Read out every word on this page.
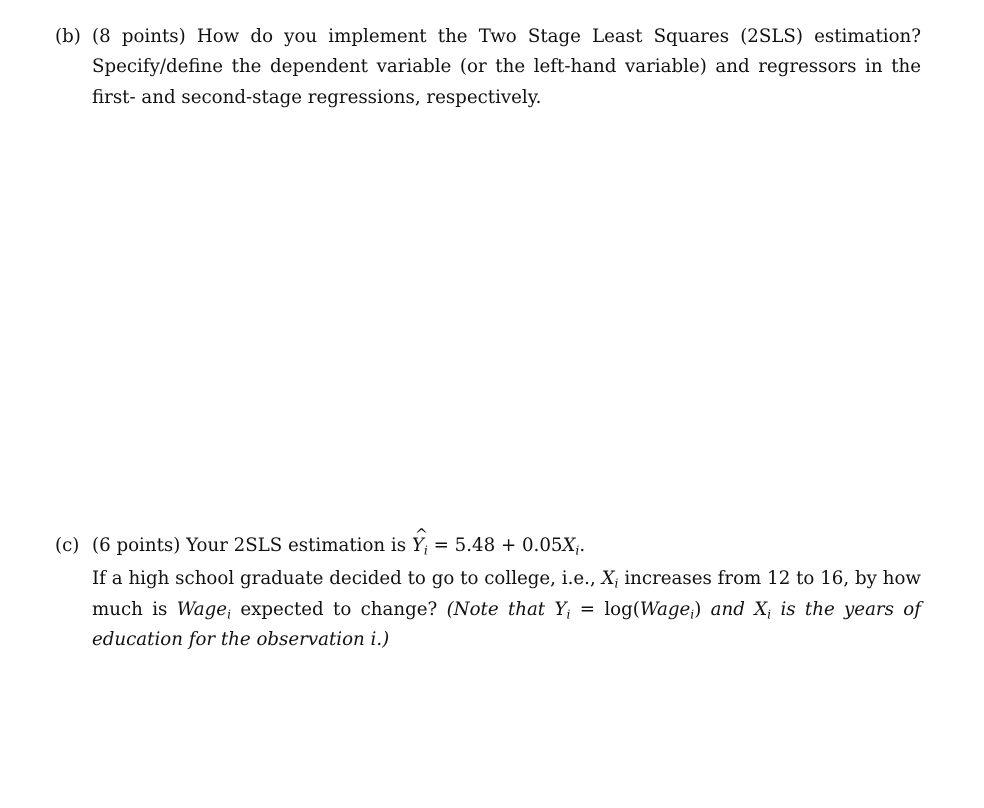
(b) (8 points) How do you implement the Two Stage Least Squares (2SLS) estimation? Specify/define the dependent variable (or the left-hand variable) and regressors in the first- and second-stage regressions, respectively.

(c) (6 points) Your 2SLS estimation is ^ $Y_i = 5.48 + 0.05X_i$.

If a high school graduate decided to go to college, i.e., $X_i$ increases from 12 to 16, by how much is Wage$_i$ expected to change? (Note that $Y_i$ = log(Wage$_i$) and $X_i$ is the years of education for the observation i.)
